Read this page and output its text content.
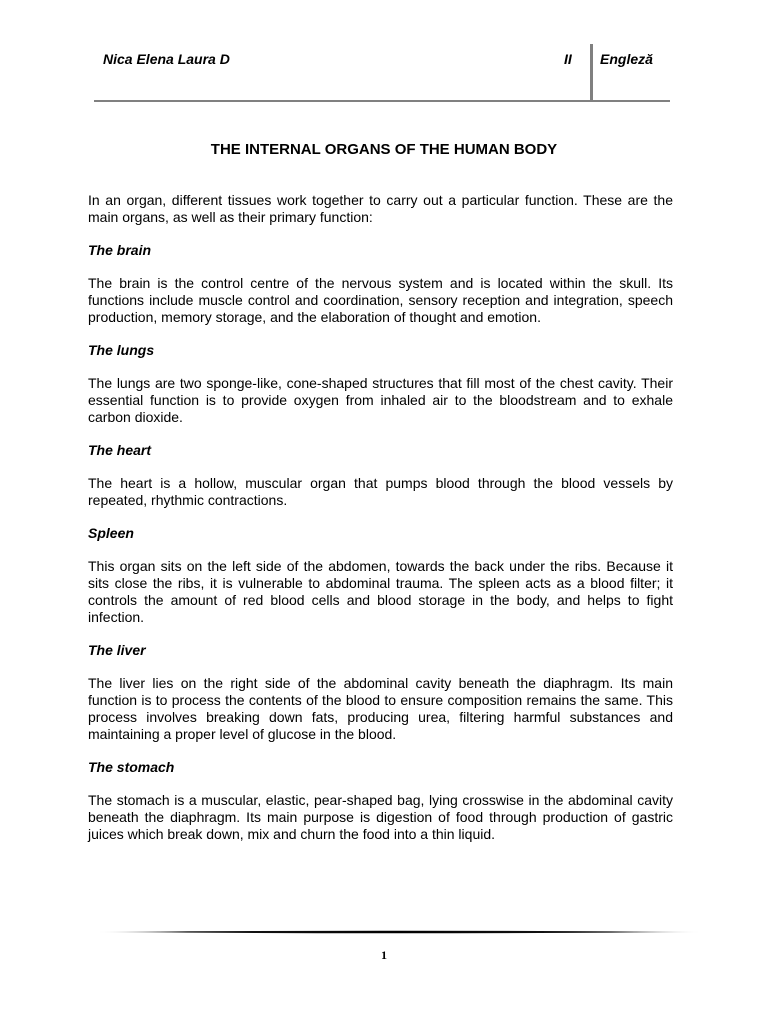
Nica Elena Laura D	II Engleză
THE INTERNAL ORGANS OF THE HUMAN BODY

In an organ, different tissues work together to carry out a particular function. These are the main organs, as well as their primary function:

The brain

The brain is the control centre of the nervous system and is located within the skull. Its functions include muscle control and coordination, sensory reception and integration, speech production, memory storage, and the elaboration of thought and emotion.

The lungs

The lungs are two sponge-like, cone-shaped structures that fill most of the chest cavity. Their essential function is to provide oxygen from inhaled air to the bloodstream and to exhale carbon dioxide.

The heart

The heart is a hollow, muscular organ that pumps blood through the blood vessels by repeated, rhythmic contractions.

Spleen

This organ sits on the left side of the abdomen, towards the back under the ribs. Because it sits close the ribs, it is vulnerable to abdominal trauma. The spleen acts as a blood filter; it controls the amount of red blood cells and blood storage in the body, and helps to fight infection.

The liver

The liver lies on the right side of the abdominal cavity beneath the diaphragm. Its main function is to process the contents of the blood to ensure composition remains the same. This process involves breaking down fats, producing urea, filtering harmful substances and maintaining a proper level of glucose in the blood.

The stomach

The stomach is a muscular, elastic, pear-shaped bag, lying crosswise in the abdominal cavity beneath the diaphragm. Its main purpose is digestion of food through production of gastric juices which break down, mix and churn the food into a thin liquid.

1
